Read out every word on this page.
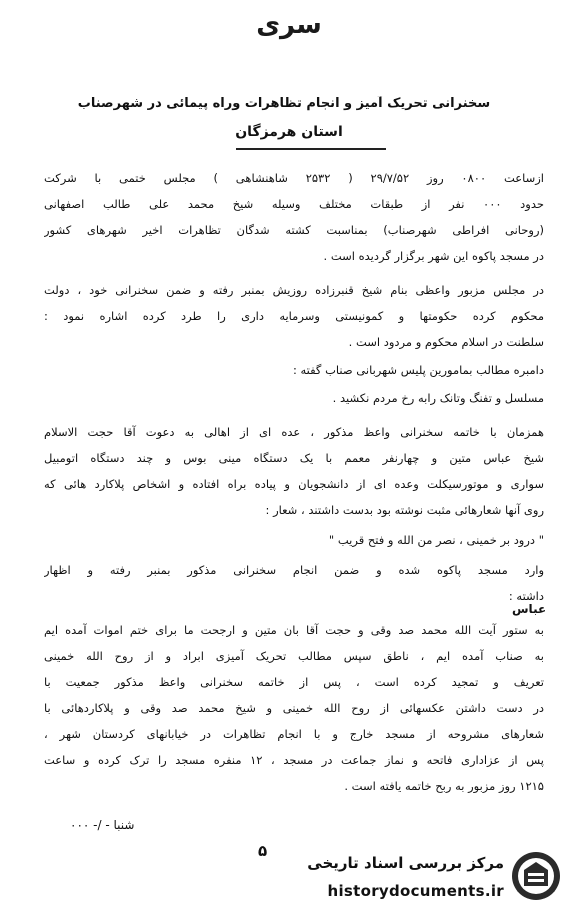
سری
سخنرانی تحریک آمیز و انجام تظاهرات وراه پیمائی در شهرصناب
استان هرمزگان
ازساعت ۰۸۰۰ روز ۲۹/۷/۵۲ ( ۲۵۳۲ شاهنشاهی ) مجلس ختمی با شرکت
حدود ۰۰۰ نفر از طبقات مختلف وسیله شیخ محمد علی طالب اصفهانی
(روحانی افراطی شهرصناب) بمناسبت کشته شدگان تظاهرات اخیر شهرهای کشور
در مسجد پاکوه این شهر برگزار گردیده است .
در مجلس مزبور واعظی بنام شیخ قنبرزاده روزیش بمنبر رفته و ضمن سخنرانی خود ، دولت
محکوم کرده حکومتها و کمونیستی وسرمایه داری را طرد کرده اشاره نمود :
سلطنت در اسلام محکوم و مردود است .
دامبره مطالب بمامورین پلیس شهربانی صناب گفته :
مسلسل و تفنگ وتانک رابه رخ مردم نکشید .
همزمان با خاتمه سخنرانی واعظ مذکور ، عده ای از اهالی به دعوت آقا حجت الاسلام
شیخ عباس متین و چهارنفر معمم با یک دستگاه مینی بوس و چند دستگاه اتومبیل
سواری و موتورسیکلت وعده ای از دانشجویان و پیاده براه افتاده و اشخاص پلاکارد هائی که
روی آنها شعارهائی مثبت نوشته بود بدست داشتند ، شعار :
" درود بر خمینی ، نصر من الله و فتح قریب "
وارد مسجد پاکوه شده و ضمن انجام سخنرانی مذکور بمنبر رفته و اظهار
داشته :
عباس
به ستور آیت الله محمد صد وقی و حجت آقا بان متین و ارجحت ما برای ختم اموات آمده ایم
به صناب آمده ایم ، ناطق سپس مطالب تحریک آمیزی ابراد و از روح الله خمینی
تعریف و تمجید کرده است ، پس از خاتمه سخنرانی واعظ مذکور جمعیت با
در دست داشتن عکسهائی از روح الله خمینی و شیخ محمد صد وقی و پلاکاردهائی با
شعارهای مشروحه از مسجد خارج و با انجام تظاهرات در خیابانهای کردستان شهر ،
پس از عزاداری فاتحه و نماز جماعت در مسجد ، ۱۲ منفره مسجد را ترک کرده و ساعت
۱۲۱۵ روز مزبور به ربح خاتمه یافته است .
شنبا - /- ۰۰۰
۵
مرکز بررسی اسناد تاریخی
historydocuments.ir
